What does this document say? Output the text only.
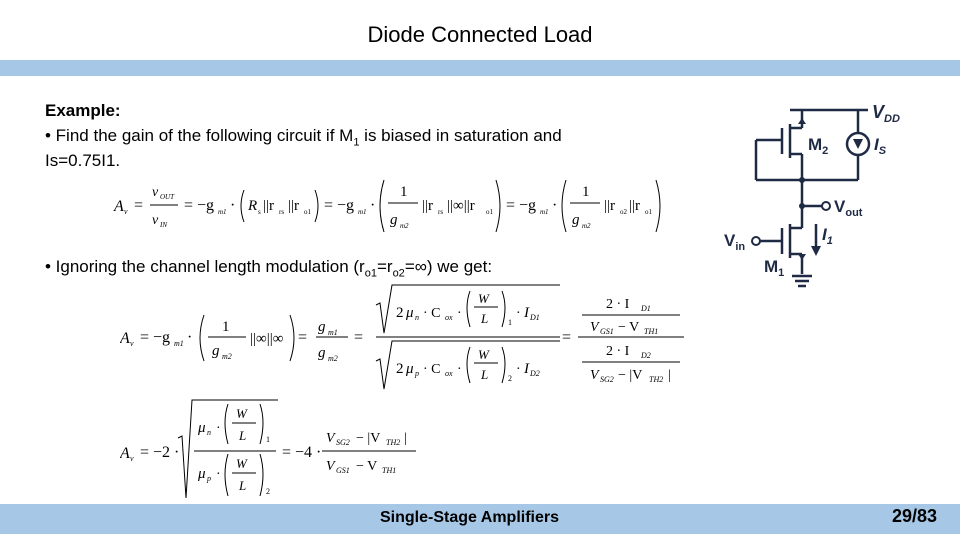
Diode Connected Load
Example:
• Find the gain of the following circuit if $M_1$ is biased in saturation and
Is=0.75I1.
A v =
v OUT
v IN
= −g m1 · R s ||r rs ||r o1 = −g m1 ·
1
g m2
||r rs ||∞||r o1 = −g m1 ·
1
g m2
||r o2 ||r o1
• Ignoring the channel length modulation $(r_{o1}=r_{o2}=\infty)$ we get:
A v = −g m1 ·
1
g m2
||∞||∞ =
g m1
g m2
=
2 μ n · C ox ·
W
L 1
· I D1
2 μ p · C ox ·
W
L 2
· I D2
=
2 · I D1
V GS1 − V TH1
2 · I D2
V SG2 − |V TH2 |
A v = −2 ·
μ n ·
W
L 1
μ p ·
W
L 2
= −4 ·
V SG2 − |V TH2 |
V GS1 − V TH1
$V_{DD}$
$M_2$	$I_S$
$V_{out}$
$V_{in}$
$I_1$
$M_1$
Single-Stage Amplifiers	29/83
